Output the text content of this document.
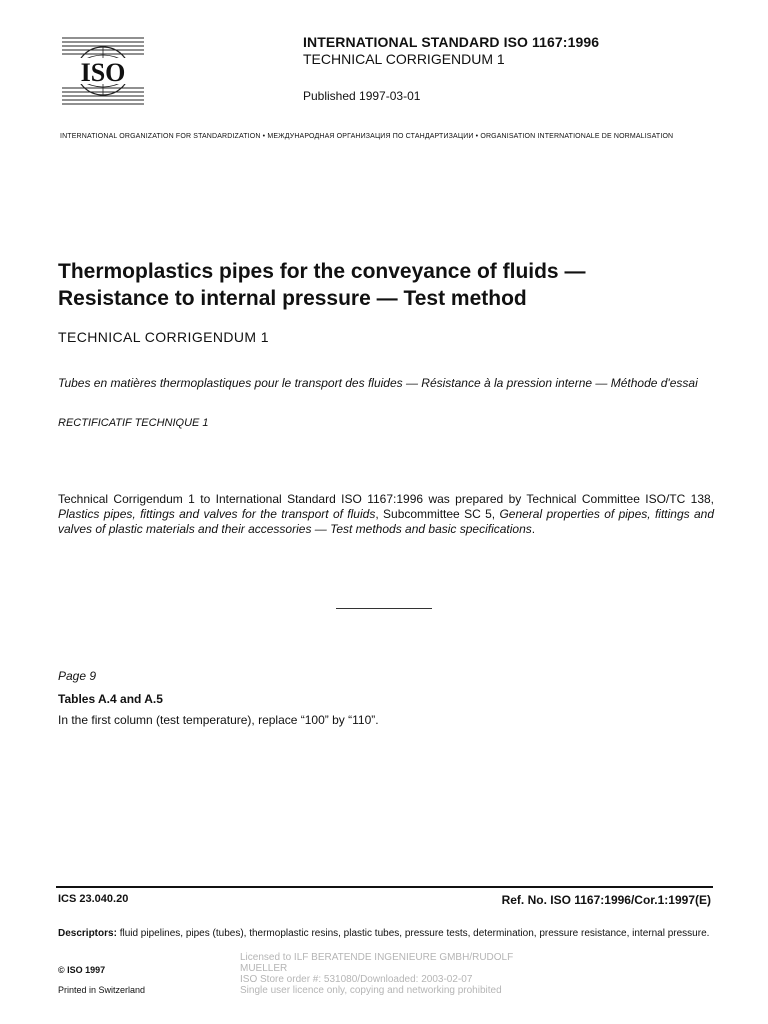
ISO
INTERNATIONAL STANDARD ISO 1167:1996
TECHNICAL CORRIGENDUM 1
Published 1997-03-01
INTERNATIONAL ORGANIZATION FOR STANDARDIZATION • МЕЖДУНАРОДНАЯ ОРГАНИЗАЦИЯ ПО СТАНДАРТИЗАЦИИ • ORGANISATION INTERNATIONALE DE NORMALISATION
Thermoplastics pipes for the conveyance of fluids —
Resistance to internal pressure — Test method
TECHNICAL CORRIGENDUM 1
Tubes en matières thermoplastiques pour le transport des fluides — Résistance à la pression interne — Méthode d'essai
RECTIFICATIF TECHNIQUE 1
Technical Corrigendum 1 to International Standard ISO 1167:1996 was prepared by Technical Committee ISO/TC 138, Plastics pipes, fittings and valves for the transport of fluids, Subcommittee SC 5, General properties of pipes, fittings and valves of plastic materials and their accessories — Test methods and basic specifications.
Page 9
Tables A.4 and A.5
In the first column (test temperature), replace “100” by “110”.
ICS 23.040.20	Ref. No. ISO 1167:1996/Cor.1:1997(E)
Descriptors: fluid pipelines, pipes (tubes), thermoplastic resins, plastic tubes, pressure tests, determination, pressure resistance, internal pressure.
© ISO 1997
Printed in Switzerland
Licensed to ILF BERATENDE INGENIEURE GMBH/RUDOLF
MUELLER
ISO Store order #: 531080/Downloaded: 2003-02-07
Single user licence only, copying and networking prohibited
